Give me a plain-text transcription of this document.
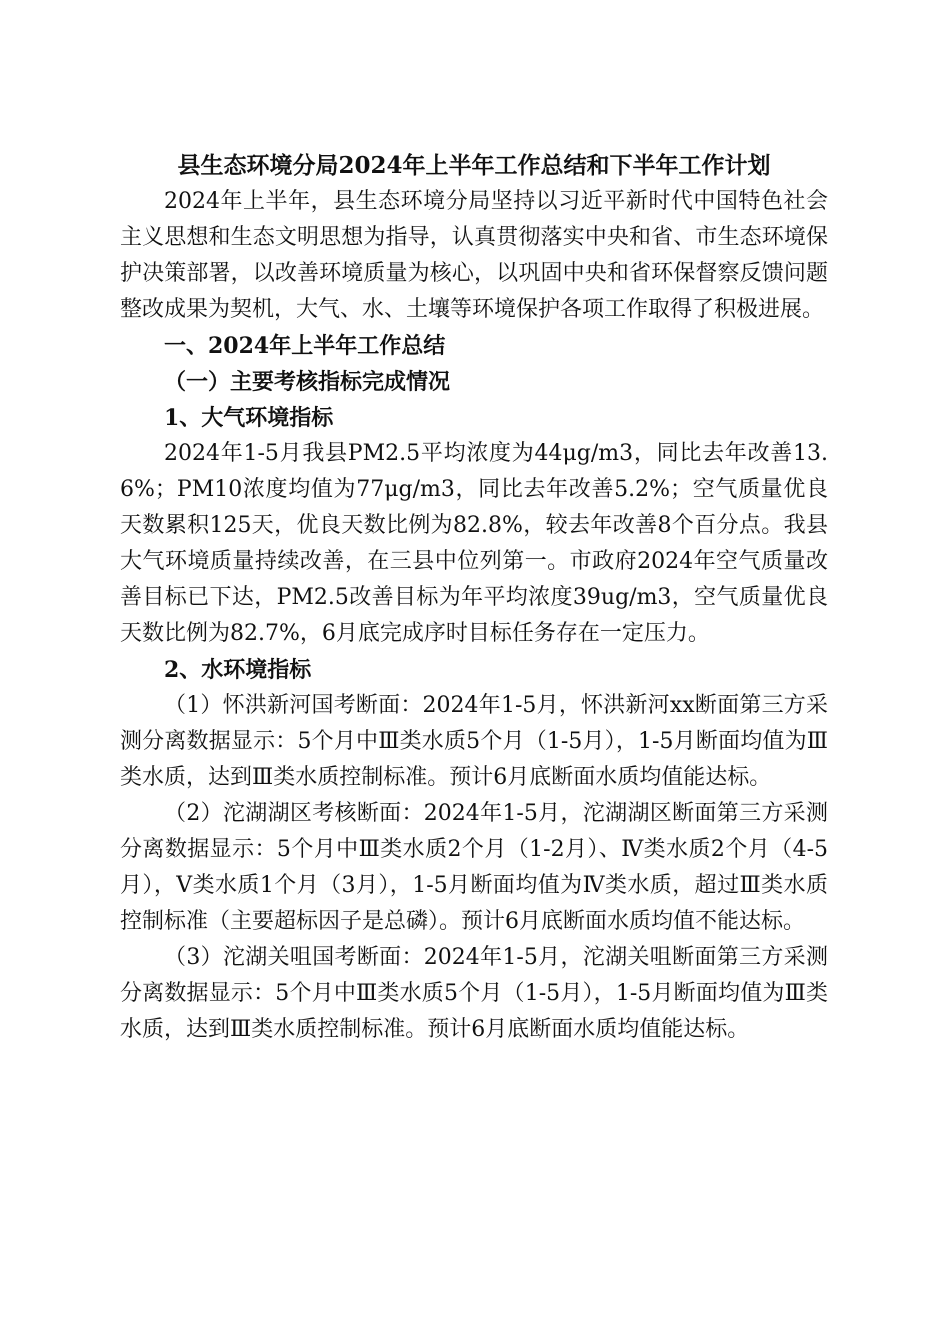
县生态环境分局2024年上半年工作总结和下半年工作计划

2024年上半年，县生态环境分局坚持以习近平新时代中国特色社会主义思想和生态文明思想为指导，认真贯彻落实中央和省、市生态环境保护决策部署，以改善环境质量为核心，以巩固中央和省环保督察反馈问题整改成果为契机，大气、水、土壤等环境保护各项工作取得了积极进展。

一、2024年上半年工作总结

（一）主要考核指标完成情况

1、大气环境指标

2024年1-5月我县PM2.5平均浓度为44μg/m3，同比去年改善13.6%；PM10浓度均值为77μg/m3，同比去年改善5.2%；空气质量优良天数累积125天，优良天数比例为82.8%，较去年改善8个百分点。我县大气环境质量持续改善，在三县中位列第一。市政府2024年空气质量改善目标已下达，PM2.5改善目标为年平均浓度39ug/m3，空气质量优良天数比例为82.7%，6月底完成序时目标任务存在一定压力。

2、水环境指标

（1）怀洪新河国考断面：2024年1-5月，怀洪新河xx断面第三方采测分离数据显示：5个月中Ⅲ类水质5个月（1-5月），1-5月断面均值为Ⅲ类水质，达到Ⅲ类水质控制标准。预计6月底断面水质均值能达标。

（2）沱湖湖区考核断面：2024年1-5月，沱湖湖区断面第三方采测分离数据显示：5个月中Ⅲ类水质2个月（1-2月）、Ⅳ类水质2个月（4-5月），Ⅴ类水质1个月（3月），1-5月断面均值为Ⅳ类水质，超过Ⅲ类水质控制标准（主要超标因子是总磷）。预计6月底断面水质均值不能达标。

（3）沱湖关咀国考断面：2024年1-5月，沱湖关咀断面第三方采测分离数据显示：5个月中Ⅲ类水质5个月（1-5月），1-5月断面均值为Ⅲ类水质，达到Ⅲ类水质控制标准。预计6月底断面水质均值能达标。
